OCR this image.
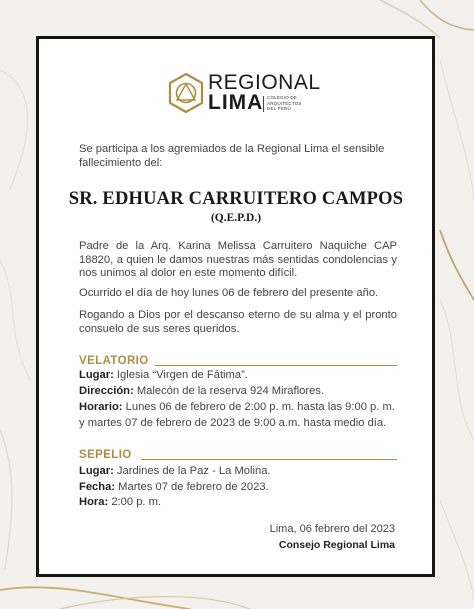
REGIONAL
LIMA COLEGIO DE
ARQUITECTOS
DEL PERÚ

Se participa a los agremiados de la Regional Lima el sensible fallecimiento del:

SR. EDHUAR CARRUITERO CAMPOS
(Q.E.P.D.)

Padre de la Arq. Karina Melissa Carruitero Naquiche CAP 18820, a quien le damos nuestras más sentidas condolencias y nos unimos al dolor en este momento difícil.

Ocurrido el día de hoy lunes 06 de febrero del presente año.

Rogando a Dios por el descanso eterno de su alma y el pronto consuelo de sus seres queridos.

VELATORIO

Lugar: Iglesia “Virgen de Fátima”.

Dirección: Malecón de la reserva 924 Miraflores.

Horario: Lunes 06 de febrero de 2:00 p. m. hasta las 9:00 p. m. y martes 07 de febrero de 2023 de 9:00 a.m. hasta medio día.

SEPELIO

Lugar: Jardines de la Paz - La Molina.

Fecha: Martes 07 de febrero de 2023.

Hora: 2:00 p. m.

Lima, 06 febrero del 2023
Consejo Regional Lima
